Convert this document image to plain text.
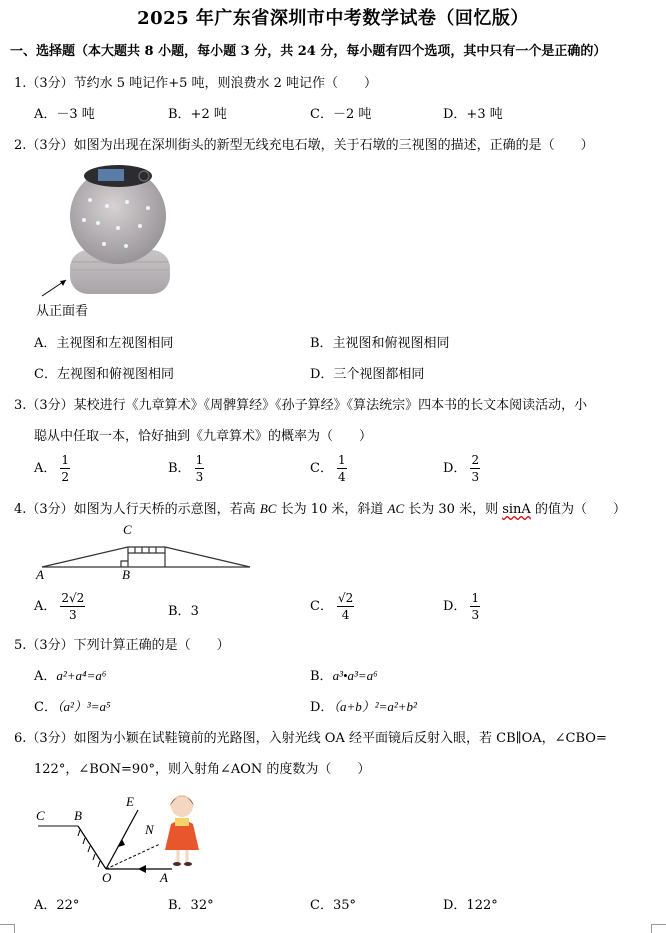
2025 年广东省深圳市中考数学试卷（回忆版）
一、选择题（本大题共 8 小题，每小题 3 分，共 24 分，每小题有四个选项，其中只有一个是正确的）
1.（3分）节约水 5 吨记作+5 吨，则浪费水 2 吨记作（　　）
A．－3 吨	B．+2 吨	C．－2 吨	D．+3 吨
2.（3分）如图为出现在深圳街头的新型无线充电石墩，关于石墩的三视图的描述，正确的是（　　）
从正面看
A．主视图和左视图相同	B．主视图和俯视图相同
C．左视图和俯视图相同	D．三个视图都相同
3.（3分）某校进行《九章算术》《周髀算经》《孙子算经》《算法统宗》四本书的长文本阅读活动，小
聪从中任取一本，恰好抽到《九章算术》的概率为（　　）
A． $\frac{1}{2}$	B． $\frac{1}{3}$	C． $\frac{1}{4}$	D． $\frac{2}{3}$
4.（3分）如图为人行天桥的示意图，若高 BC 长为 10 米，斜道 AC 长为 30 米，则 sinA 的值为（　　）
A	B
C
A． $\frac{2√2}{3}$	B．3	C． $\frac{√2}{4}$	D． $\frac{1}{3}$
5.（3分）下列计算正确的是（　　）
A．a²+a⁴=a⁶	B．a³•a³=a⁶
C．（a²）³=a⁵	D．（a+b）²=a²+b²
6.（3分）如图为小颖在试鞋镜前的光路图，入射光线 OA 经平面镜后反射入眼，若 CB∥OA，∠CBO=
122°，∠BON=90°，则入射角∠AON 的度数为（　　）
C B
E
N
O	A
A．22°	B．32°	C．35°	D．122°
